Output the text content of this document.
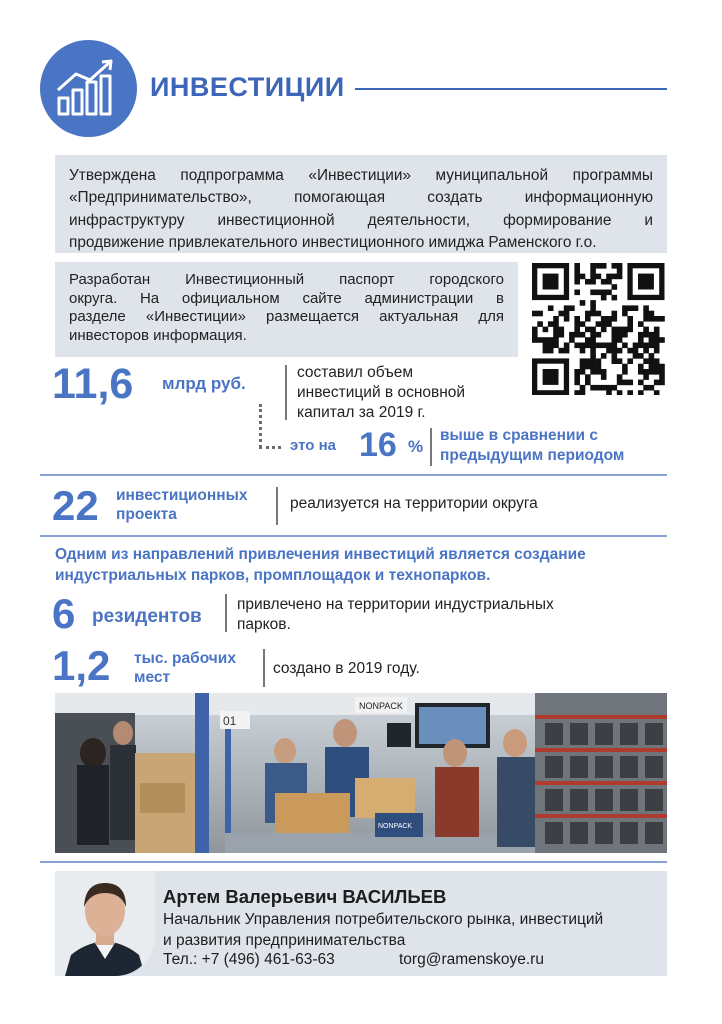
ИНВЕСТИЦИИ

Утверждена подпрограмма «Инвестиции» муниципальной программы

«Предпринимательство», помогающая создать информационную

инфраструктуру инвестиционной деятельности, формирование и

продвижение привлекательного инвестиционного имиджа Раменского г.о.

Разработан Инвестиционный паспорт городского

округа. На официальном сайте администрации в

разделе «Инвестиции» размещается актуальная для

инвесторов информация.

11,6 млрд руб.
составил объем
инвестиций в основной
капитал за 2019 г.
это на 16 %
выше в сравнении с
предыдущим периодом
22 инвестиционных
проекта
реализуется на территории округа
Одним из направлений привлечения инвестиций является создание
индустриальных парков, промплощадок и технопарков.
6 резидентов
привлечено на территории индустриальных
парков.
1,2 тыс. рабочих
мест
создано в 2019 году.
NONPACK
01
NONPACK
Артем Валерьевич ВАСИЛЬЕВ
Начальник Управления потребительского рынка, инвестиций
и развития предпринимательства
Тел.: +7 (496) 461-63-63	torg@ramenskoye.ru
